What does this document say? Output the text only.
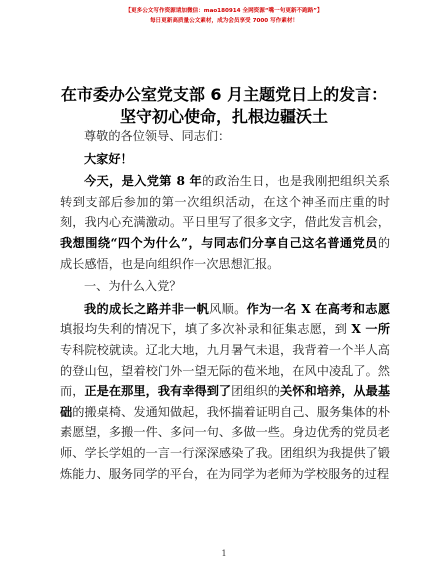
【更多公文写作资源请加微信：mao180914 全网资源“嘴一句更新不跑路”】
每日更新高质量公文素材，成为会员享受 7000 写作素材！
在市委办公室党支部 6 月主题党日上的发言：
坚守初心使命，扎根边疆沃土

尊敬的各位领导、同志们：

大家好！

今天，是入党第 8 年的政治生日，也是我刚把组织关系转到支部后参加的第一次组织活动，在这个神圣而庄重的时刻，我内心充满激动。平日里写了很多文字，借此发言机会，我想围绕“四个为什么”，与同志们分享自己这名普通党员的成长感悟，也是向组织作一次思想汇报。

一、为什么入党？

我的成长之路并非一帆风顺。作为一名 X 在高考和志愿填报均失利的情况下，填了多次补录和征集志愿，到 X 一所专科院校就读。辽北大地，九月暑气未退，我背着一个半人高的登山包，望着校门外一望无际的苞米地，在风中凌乱了。然而，正是在那里，我有幸得到了团组织的关怀和培养，从最基础的搬桌椅、发通知做起，我怀揣着证明自己、服务集体的朴素愿望，多搬一件、多问一句、多做一些。身边优秀的党员老师、学长学姐的一言一行深深感染了我。团组织为我提供了锻炼能力、服务同学的平台，在为同学为老师为学校服务的过程

1
